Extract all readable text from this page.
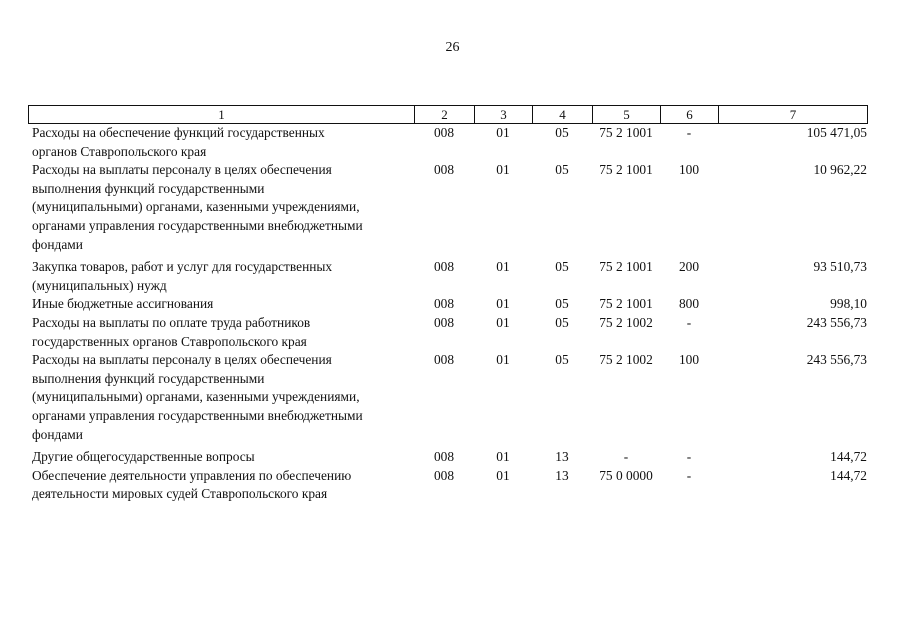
26
1	2	3	4	5	6	7
Расходы на обеспечение функций государственных
органов Ставропольского края
008	01	05	75 2 1001	-	105 471,05
Расходы на выплаты персоналу в целях обеспечения
выполнения функций государственными
(муниципальными) органами, казенными учреждениями,
органами управления государственными внебюджетными
фондами
008	01	05	75 2 1001	100	10 962,22
Закупка товаров, работ и услуг для государственных
(муниципальных) нужд
008	01	05	75 2 1001	200	93 510,73
Иные бюджетные ассигнования	008	01	05	75 2 1001	800	998,10
Расходы на выплаты по оплате труда работников
государственных органов Ставропольского края
008	01	05	75 2 1002	-	243 556,73
Расходы на выплаты персоналу в целях обеспечения
выполнения функций государственными
(муниципальными) органами, казенными учреждениями,
органами управления государственными внебюджетными
фондами
008	01	05	75 2 1002	100	243 556,73
Другие общегосударственные вопросы	008	01	13	-	-	144,72
Обеспечение деятельности управления по обеспечению
деятельности мировых судей Ставропольского края
008	01	13	75 0 0000	-	144,72
